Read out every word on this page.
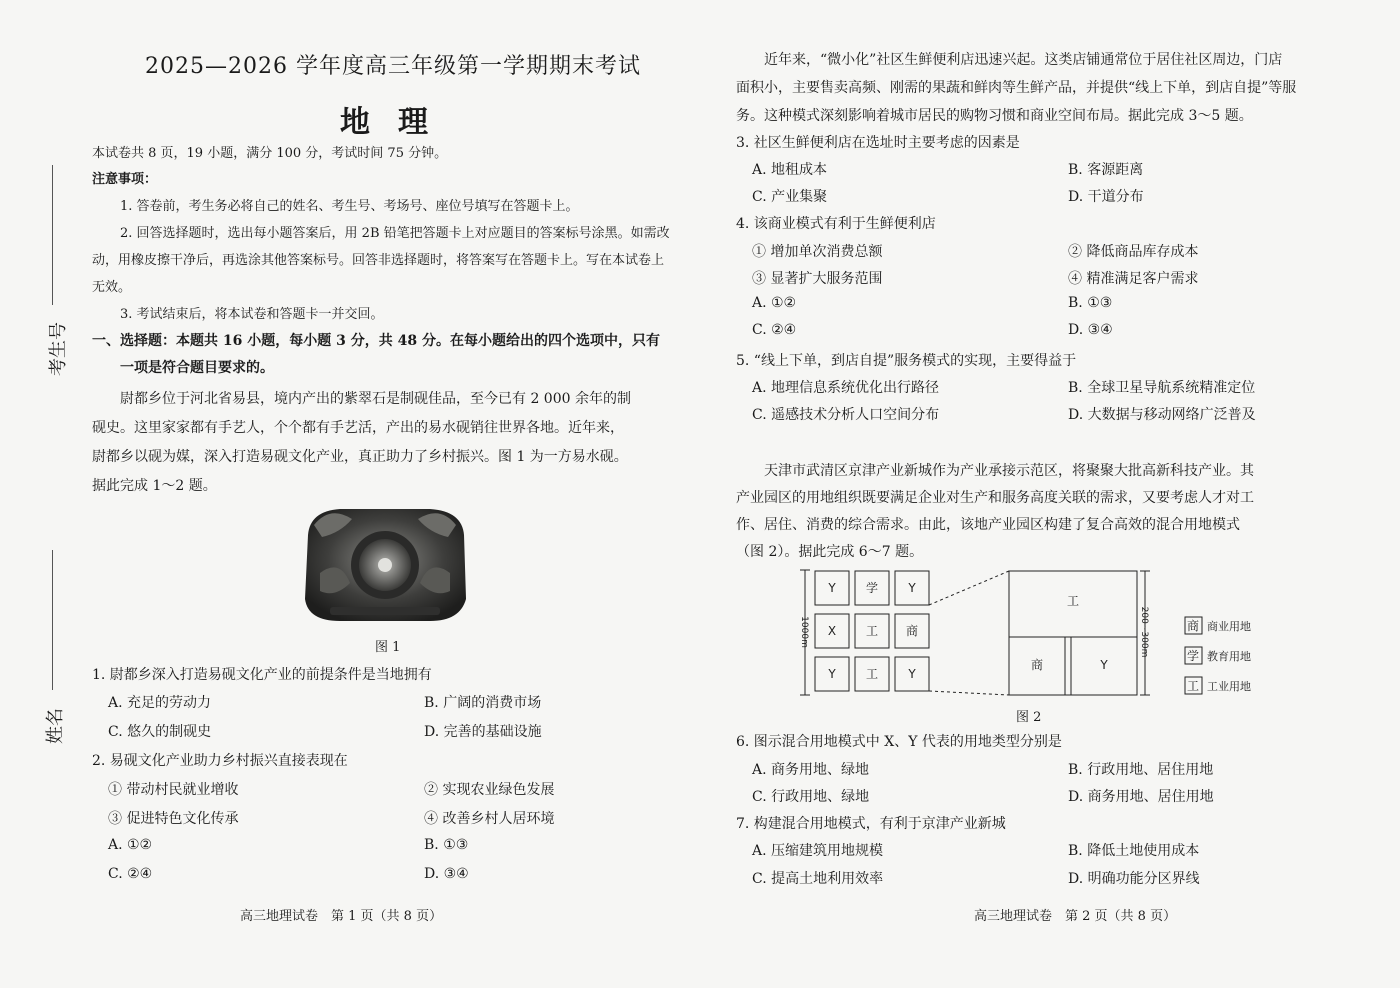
考生号
姓名
2025—2026 学年度高三年级第一学期期末考试
地理
本试卷共 8 页，19 小题，满分 100 分，考试时间 75 分钟。
注意事项：
1. 答卷前，考生务必将自己的姓名、考生号、考场号、座位号填写在答题卡上。
2. 回答选择题时，选出每小题答案后，用 2B 铅笔把答题卡上对应题目的答案标号涂黑。如需改
动，用橡皮擦干净后，再选涂其他答案标号。回答非选择题时，将答案写在答题卡上。写在本试卷上
无效。
3. 考试结束后，将本试卷和答题卡一并交回。
一、选择题：本题共 16 小题，每小题 3 分，共 48 分。在每小题给出的四个选项中，只有
一项是符合题目要求的。
尉都乡位于河北省易县，境内产出的紫翠石是制砚佳品，至今已有 2 000 余年的制
砚史。这里家家都有手艺人，个个都有手艺活，产出的易水砚销往世界各地。近年来，
尉都乡以砚为媒，深入打造易砚文化产业，真正助力了乡村振兴。图 1 为一方易水砚。
据此完成 1～2 题。
图 1
1. 尉都乡深入打造易砚文化产业的前提条件是当地拥有
A. 充足的劳动力	B. 广阔的消费市场
C. 悠久的制砚史	D. 完善的基础设施
2. 易砚文化产业助力乡村振兴直接表现在
① 带动村民就业增收	② 实现农业绿色发展
③ 促进特色文化传承	④ 改善乡村人居环境
A. ①②	B. ①③
C. ②④	D. ③④
高三地理试卷　第 1 页（共 8 页）
近年来，“微小化”社区生鲜便利店迅速兴起。这类店铺通常位于居住社区周边，门店
面积小，主要售卖高频、刚需的果蔬和鲜肉等生鲜产品，并提供“线上下单，到店自提”等服
务。这种模式深刻影响着城市居民的购物习惯和商业空间布局。据此完成 3～5 题。
3. 社区生鲜便利店在选址时主要考虑的因素是
A. 地租成本	B. 客源距离
C. 产业集聚	D. 干道分布
4. 该商业模式有利于生鲜便利店
① 增加单次消费总额	② 降低商品库存成本
③ 显著扩大服务范围	④ 精准满足客户需求
A. ①②	B. ①③
C. ②④	D. ③④
5. “线上下单，到店自提”服务模式的实现，主要得益于
A. 地理信息系统优化出行路径	B. 全球卫星导航系统精准定位
C. 遥感技术分析人口空间分布	D. 大数据与移动网络广泛普及
天津市武清区京津产业新城作为产业承接示范区，将聚聚大批高新科技产业。其
产业园区的用地组织既要满足企业对生产和服务高度关联的需求，又要考虑人才对工
作、居住、消费的综合需求。由此，该地产业园区构建了复合高效的混合用地模式
（图 2）。据此完成 6～7 题。
Y	学	Y
X 工 商
Y	工	Y
工
商	Y
商
学
工
1000m	200~300m	商业用地
教育用地
工业用地
图 2
6. 图示混合用地模式中 X、Y 代表的用地类型分别是
A. 商务用地、绿地	B. 行政用地、居住用地
C. 行政用地、绿地	D. 商务用地、居住用地
7. 构建混合用地模式，有利于京津产业新城
A. 压缩建筑用地规模	B. 降低土地使用成本
C. 提高土地利用效率	D. 明确功能分区界线
高三地理试卷　第 2 页（共 8 页）
